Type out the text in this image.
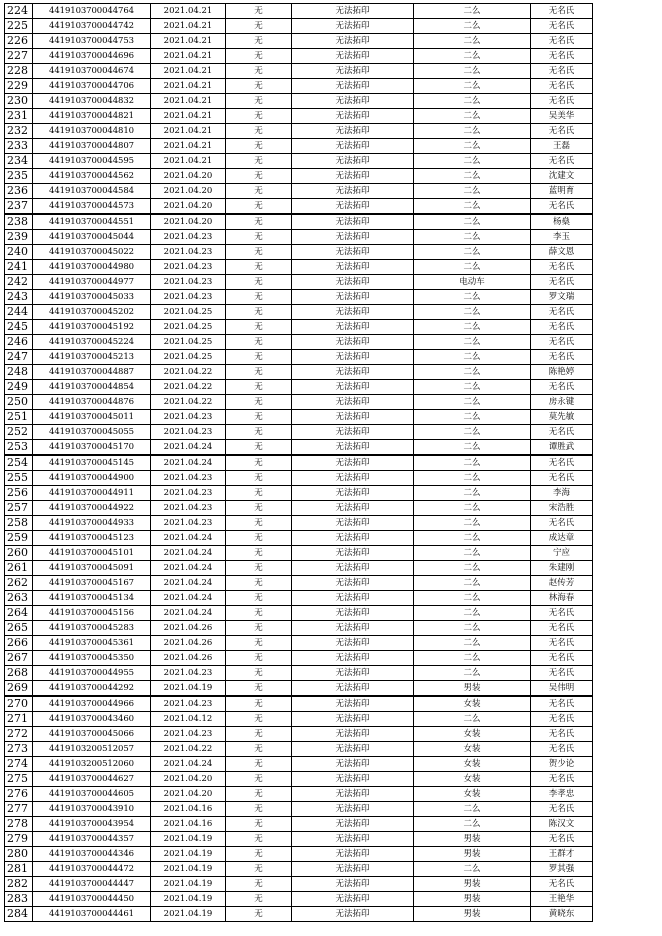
224	4419103700044764	2021.04.21	无	无法拓印	二么	无名氏
225	4419103700044742	2021.04.21	无	无法拓印	二么	无名氏
226	4419103700044753	2021.04.21	无	无法拓印	二么	无名氏
227	4419103700044696	2021.04.21	无	无法拓印	二么	无名氏
228	4419103700044674	2021.04.21	无	无法拓印	二么	无名氏
229	4419103700044706	2021.04.21	无	无法拓印	二么	无名氏
230	4419103700044832	2021.04.21	无	无法拓印	二么	无名氏
231	4419103700044821	2021.04.21	无	无法拓印	二么	吴美华
232	4419103700044810	2021.04.21	无	无法拓印	二么	无名氏
233	4419103700044807	2021.04.21	无	无法拓印	二么	王磊
234	4419103700044595	2021.04.21	无	无法拓印	二么	无名氏
235	4419103700044562	2021.04.20	无	无法拓印	二么	沈建文
236	4419103700044584	2021.04.20	无	无法拓印	二么	蓝明育
237	4419103700044573	2021.04.20	无	无法拓印	二么	无名氏
238	4419103700044551	2021.04.20	无	无法拓印	二么	杨燊
239	4419103700045044	2021.04.23	无	无法拓印	二么	李玉
240	4419103700045022	2021.04.23	无	无法拓印	二么	薛文恩
241	4419103700044980	2021.04.23	无	无法拓印	二么	无名氏
242	4419103700044977	2021.04.23	无	无法拓印	电动车	无名氏
243	4419103700045033	2021.04.23	无	无法拓印	二么	罗文瑞
244	4419103700045202	2021.04.25	无	无法拓印	二么	无名氏
245	4419103700045192	2021.04.25	无	无法拓印	二么	无名氏
246	4419103700045224	2021.04.25	无	无法拓印	二么	无名氏
247	4419103700045213	2021.04.25	无	无法拓印	二么	无名氏
248	4419103700044887	2021.04.22	无	无法拓印	二么	陈艳婷
249	4419103700044854	2021.04.22	无	无法拓印	二么	无名氏
250	4419103700044876	2021.04.22	无	无法拓印	二么	房永键
251	4419103700045011	2021.04.23	无	无法拓印	二么	莫先敏
252	4419103700045055	2021.04.23	无	无法拓印	二么	无名氏
253	4419103700045170	2021.04.24	无	无法拓印	二么	谭胜武
254	4419103700045145	2021.04.24	无	无法拓印	二么	无名氏
255	4419103700044900	2021.04.23	无	无法拓印	二么	无名氏
256	4419103700044911	2021.04.23	无	无法拓印	二么	李海
257	4419103700044922	2021.04.23	无	无法拓印	二么	宋浩胜
258	4419103700044933	2021.04.23	无	无法拓印	二么	无名氏
259	4419103700045123	2021.04.24	无	无法拓印	二么	成达章
260	4419103700045101	2021.04.24	无	无法拓印	二么	宁应
261	4419103700045091	2021.04.24	无	无法拓印	二么	朱建刚
262	4419103700045167	2021.04.24	无	无法拓印	二么	赵传芳
263	4419103700045134	2021.04.24	无	无法拓印	二么	林海春
264	4419103700045156	2021.04.24	无	无法拓印	二么	无名氏
265	4419103700045283	2021.04.26	无	无法拓印	二么	无名氏
266	4419103700045361	2021.04.26	无	无法拓印	二么	无名氏
267	4419103700045350	2021.04.26	无	无法拓印	二么	无名氏
268	4419103700044955	2021.04.23	无	无法拓印	二么	无名氏
269	4419103700044292	2021.04.19	无	无法拓印	男装	吴伟明
270	4419103700044966	2021.04.23	无	无法拓印	女装	无名氏
271	4419103700043460	2021.04.12	无	无法拓印	二么	无名氏
272	4419103700045066	2021.04.23	无	无法拓印	女装	无名氏
273	4419103200512057	2021.04.22	无	无法拓印	女装	无名氏
274	4419103200512060	2021.04.24	无	无法拓印	女装	贺少论
275	4419103700044627	2021.04.20	无	无法拓印	女装	无名氏
276	4419103700044605	2021.04.20	无	无法拓印	女装	李孝忠
277	4419103700043910	2021.04.16	无	无法拓印	二么	无名氏
278	4419103700043954	2021.04.16	无	无法拓印	二么	陈汉文
279	4419103700044357	2021.04.19	无	无法拓印	男装	无名氏
280	4419103700044346	2021.04.19	无	无法拓印	男装	王群才
281	4419103700044472	2021.04.19	无	无法拓印	二么	罗其强
282	4419103700044447	2021.04.19	无	无法拓印	男装	无名氏
283	4419103700044450	2021.04.19	无	无法拓印	男装	王艳华
284	4419103700044461	2021.04.19	无	无法拓印	男装	黄晓东
